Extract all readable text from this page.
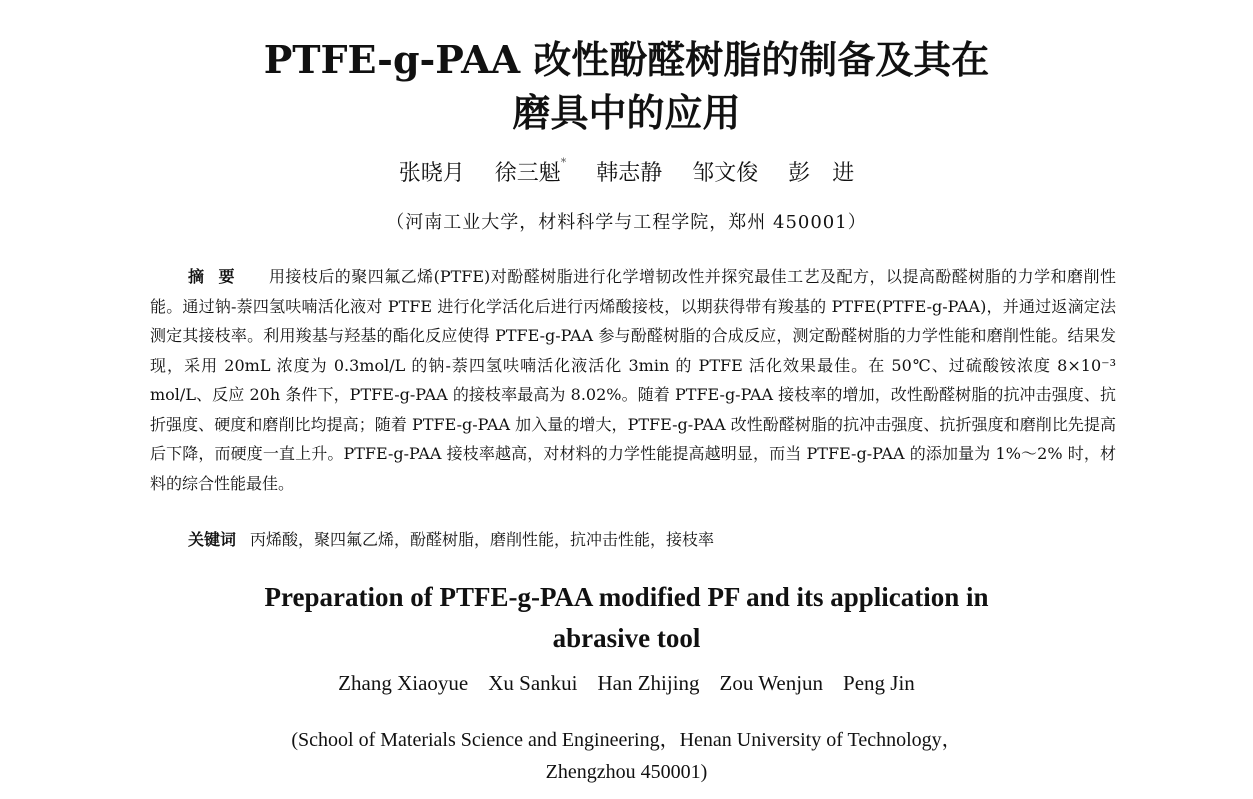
PTFE-g-PAA 改性酚醛树脂的制备及其在
磨具中的应用
张晓月 徐三魁* 韩志静 邹文俊 彭　进
（河南工业大学，材料科学与工程学院，郑州 450001）
摘要 用接枝后的聚四氟乙烯(PTFE)对酚醛树脂进行化学增韧改性并探究最佳工艺及配方，以提高酚醛树脂的力学和磨削性能。通过钠-萘四氢呋喃活化液对 PTFE 进行化学活化后进行丙烯酸接枝，以期获得带有羧基的 PTFE(PTFE-g-PAA)，并通过返滴定法测定其接枝率。利用羧基与羟基的酯化反应使得 PTFE-g-PAA 参与酚醛树脂的合成反应，测定酚醛树脂的力学性能和磨削性能。结果发现，采用 20mL 浓度为 0.3mol/L 的钠-萘四氢呋喃活化液活化 3min 的 PTFE 活化效果最佳。在 50℃、过硫酸铵浓度 8×10⁻³ mol/L、反应 20h 条件下，PTFE-g-PAA 的接枝率最高为 8.02%。随着 PTFE-g-PAA 接枝率的增加，改性酚醛树脂的抗冲击强度、抗折强度、硬度和磨削比均提高；随着 PTFE-g-PAA 加入量的增大，PTFE-g-PAA 改性酚醛树脂的抗冲击强度、抗折强度和磨削比先提高后下降，而硬度一直上升。PTFE-g-PAA 接枝率越高，对材料的力学性能提高越明显，而当 PTFE-g-PAA 的添加量为 1%～2% 时，材料的综合性能最佳。
关键词 丙烯酸，聚四氟乙烯，酚醛树脂，磨削性能，抗冲击性能，接枝率
Preparation of PTFE-g-PAA modified PF and its application in
abrasive tool
Zhang Xiaoyue Xu Sankui Han Zhijing Zou Wenjun Peng Jin
(School of Materials Science and Engineering，Henan University of Technology，
Zhengzhou 450001)
